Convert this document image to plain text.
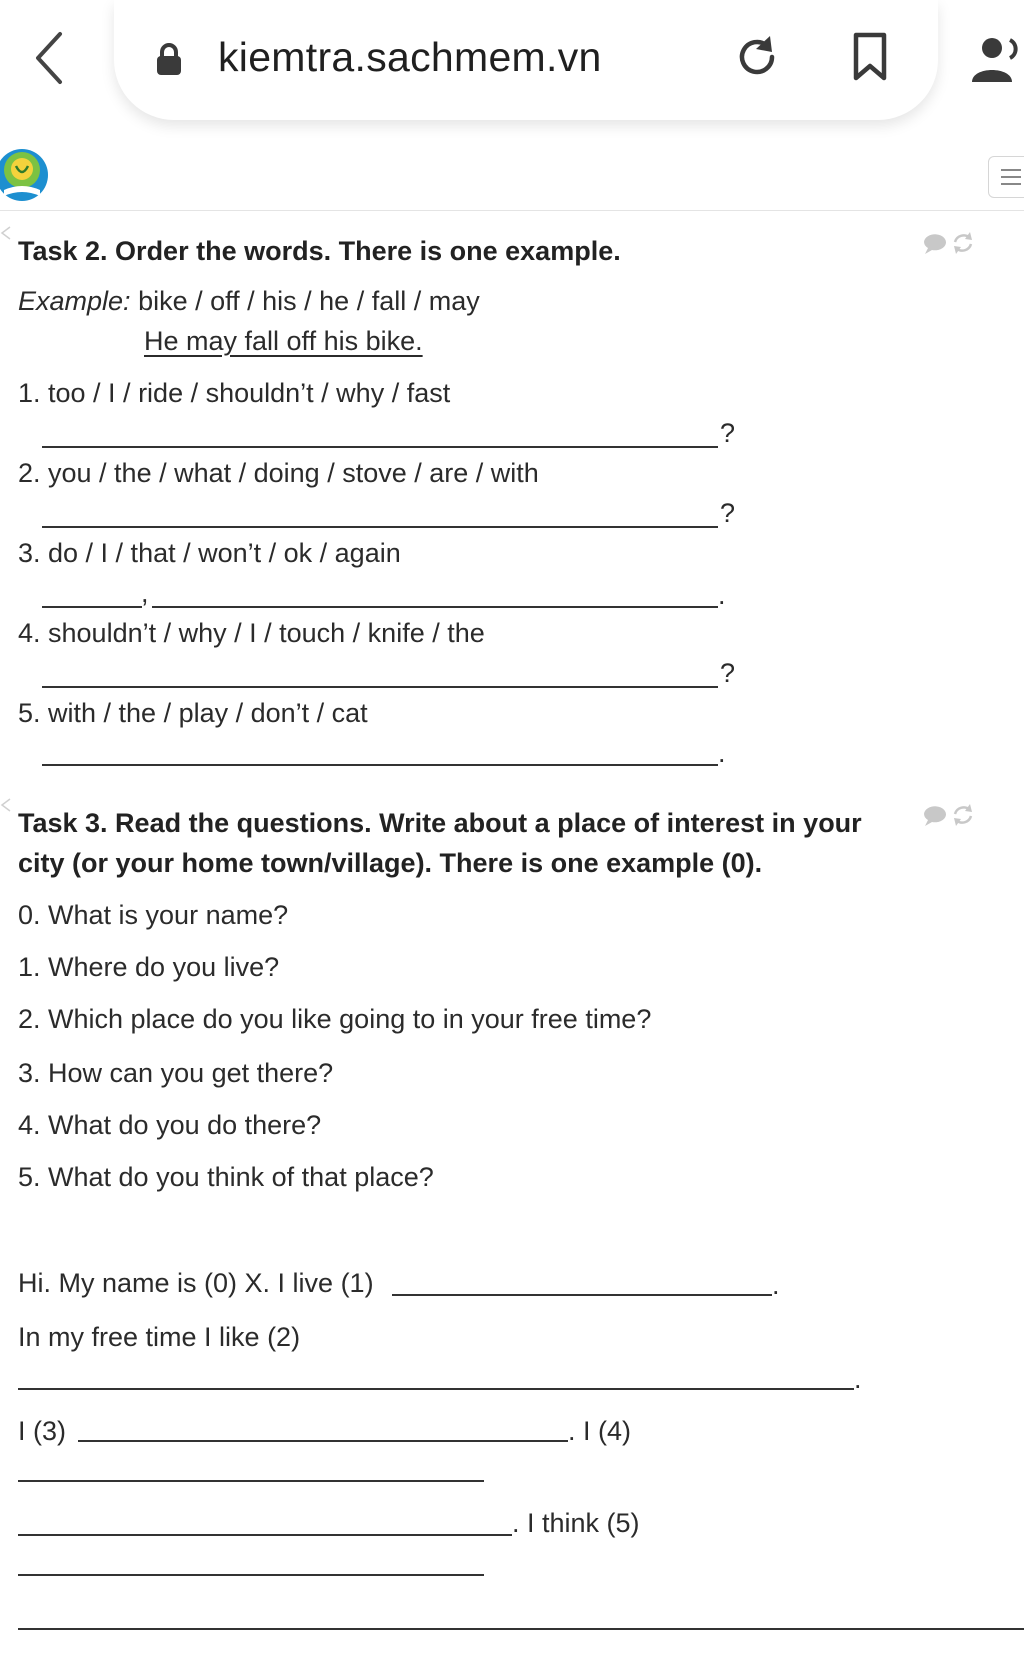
kiemtra.sachmem.vn
Task 2. Order the words. There is one example.
Example: bike / off / his / he / fall / may
He may fall off his bike.
1. too / I / ride / shouldn’t / why / fast
?
2. you / the / what / doing / stove / are / with
?
3. do / I / that / won’t / ok / again
,	.
4. shouldn’t / why / I / touch / knife / the
?
5. with / the / play / don’t / cat
.
Task 3. Read the questions. Write about a place of interest in your
city (or your home town/village). There is one example (0).
0. What is your name?
1. Where do you live?
2. Which place do you like going to in your free time?
3. How can you get there?
4. What do you do there?
5. What do you think of that place?
Hi. My name is (0) X. I live (1)	.
In my free time I like (2)
.
I (3)	. I (4)
. I think (5)
